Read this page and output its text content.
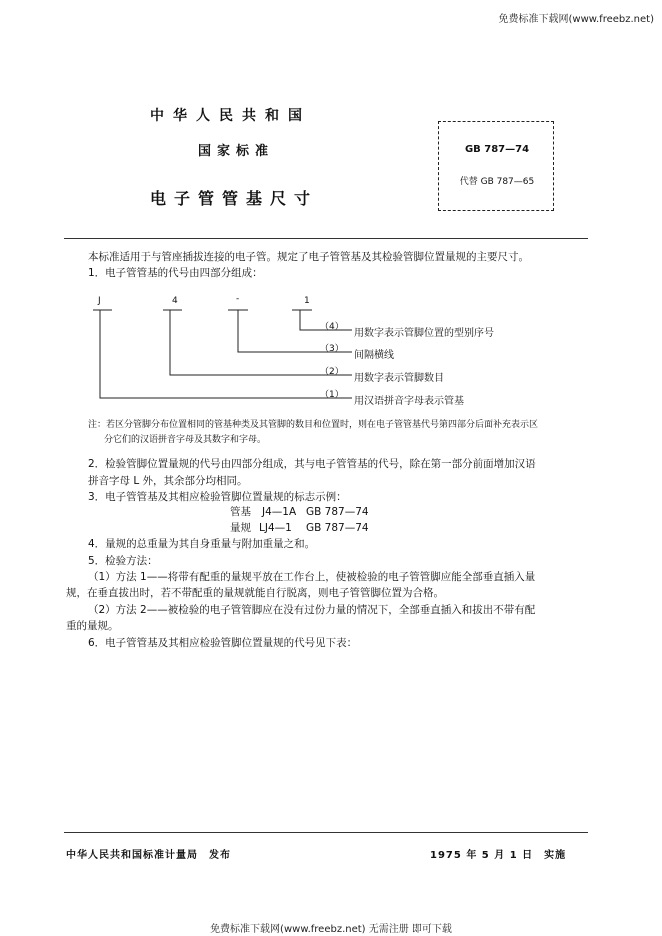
免费标准下载网(www.freebz.net)
中华人民共和国
国家标准
电子管管基尺寸
GB 787—74
代替 GB 787—65
本标准适用于与管座插拔连接的电子管。规定了电子管管基及其检验管脚位置量规的主要尺寸。
1．电子管管基的代号由四部分组成：
J	4	-	1
（4）
用数字表示管脚位置的型别序号
（3）
间隔横线
（2）
用数字表示管脚数目
（1）
用汉语拼音字母表示管基
注：若区分管脚分布位置相同的管基种类及其管脚的数目和位置时，则在电子管管基代号第四部分后面补充表示区
分它们的汉语拼音字母及其数字和字母。
2．检验管脚位置量规的代号由四部分组成，其与电子管管基的代号，除在第一部分前面增加汉语
拼音字母 L 外，其余部分均相同。
3．电子管管基及其相应检验管脚位置量规的标志示例：
管基 J4—1A GB 787—74
量规 LJ4—1 GB 787—74
4．量规的总重量为其自身重量与附加重量之和。
5．检验方法：
（1）方法 1——将带有配重的量规平放在工作台上，使被检验的电子管管脚应能全部垂直插入量
规，在垂直拔出时，若不带配重的量规就能自行脱离，则电子管管脚位置为合格。
（2）方法 2——被检验的电子管管脚应在没有过份力量的情况下，全部垂直插入和拔出不带有配
重的量规。
6．电子管管基及其相应检验管脚位置量规的代号见下表：
中华人民共和国标准计量局　发布	1975 年 5 月 1 日　实施
免费标准下载网(www.freebz.net) 无需注册 即可下载
